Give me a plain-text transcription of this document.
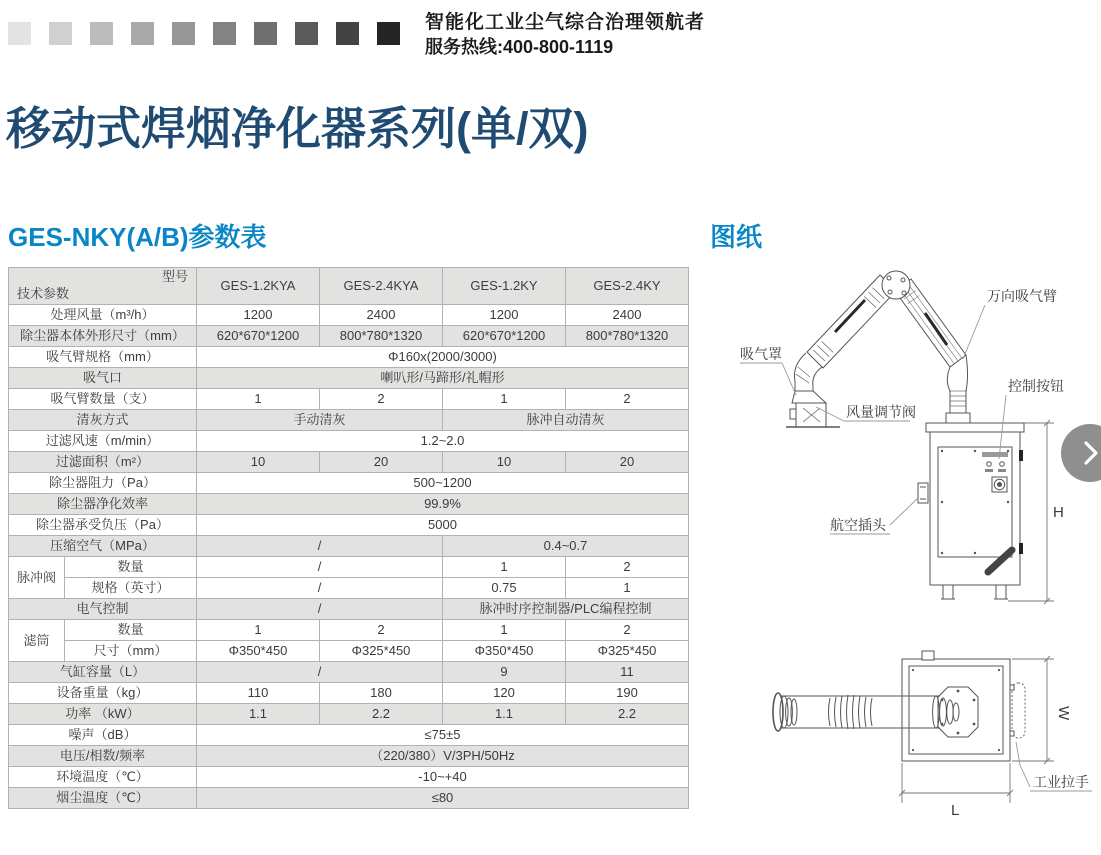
智能化工业尘气综合治理领航者
服务热线:400-800-1119
移动式焊烟净化器系列(单/双)
GES-NKY(A/B)参数表	图纸
型号
技术参数		GES-1.2KYA	GES-2.4KYA	GES-1.2KY	GES-2.4KY
处理风量（m³/h）		1200	2400	1200	2400
除尘器本体外形尺寸（mm）		620*670*1200	800*780*1320	620*670*1200	800*780*1320
吸气臂规格（mm）		Φ160x(2000/3000)			
吸气口		喇叭形/马蹄形/礼帽形			
吸气臂数量（支）		1	2	1	2
清灰方式		手动清灰		脉冲自动清灰	
过滤风速（m/min）		1.2~2.0			
过滤面积（m²）		10	20	10	20
除尘器阻力（Pa）		500~1200			
除尘器净化效率		99.9%			
除尘器承受负压（Pa）		5000			
压缩空气（MPa）		/		0.4~0.7	
脉冲阀	数量	/		1	2
	规格（英寸）	/		0.75	1
电气控制		/		脉冲时序控制器/PLC编程控制	
滤筒	数量	1	2	1	2
	尺寸（mm）	Φ350*450	Φ325*450	Φ350*450	Φ325*450
气缸容量（L）		/		9	11
设备重量（kg）		110	180	120	190
功率 （kW）		1.1	2.2	1.1	2.2
噪声（dB）		≤75±5			
电压/相数/频率		（220/380）V/3PH/50Hz			
环境温度（℃）		-10~+40			
烟尘温度（℃）		≤80			
万向吸气臂
吸气罩
风量调节阀
控制按钮
航空插头
工业拉手
H
W
L
